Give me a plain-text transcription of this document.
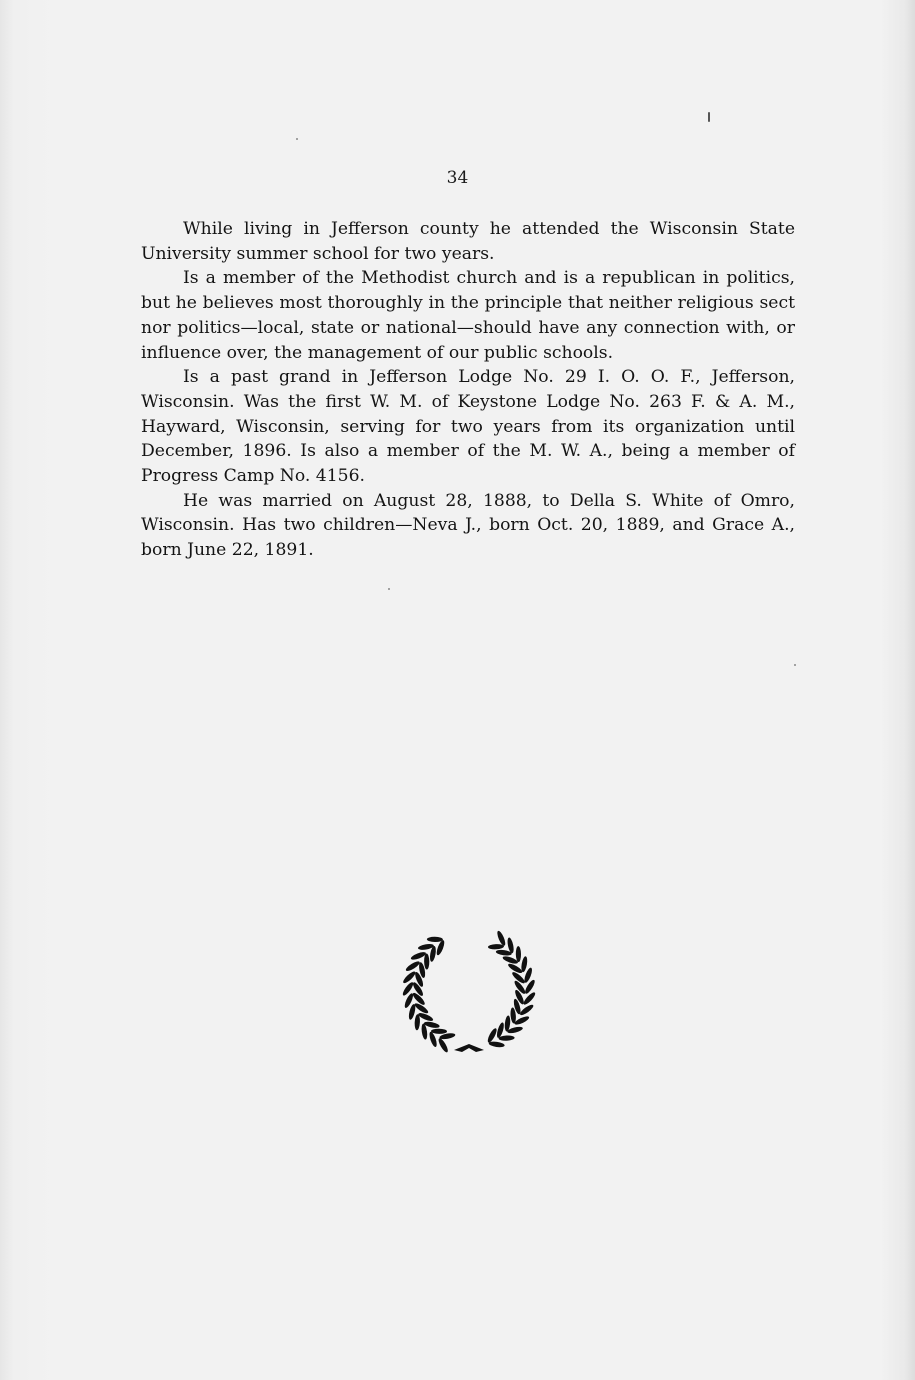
34

While living in Jefferson county he attended the Wisconsin State University summer school for two years.

Is a member of the Methodist church and is a republican in politics, but he believes most thoroughly in the principle that neither religious sect nor politics—local, state or national—should have any connection with, or influence over, the management of our public schools.

Is a past grand in Jefferson Lodge No. 29 I. O. O. F., Jefferson, Wisconsin. Was the first W. M. of Keystone Lodge No. 263 F. & A. M., Hayward, Wisconsin, serving for two years from its organization until December, 1896. Is also a member of the M. W. A., being a member of Progress Camp No. 4156.

He was married on August 28, 1888, to Della S. White of Omro, Wisconsin. Has two children—Neva J., born Oct. 20, 1889, and Grace A., born June 22, 1891.
